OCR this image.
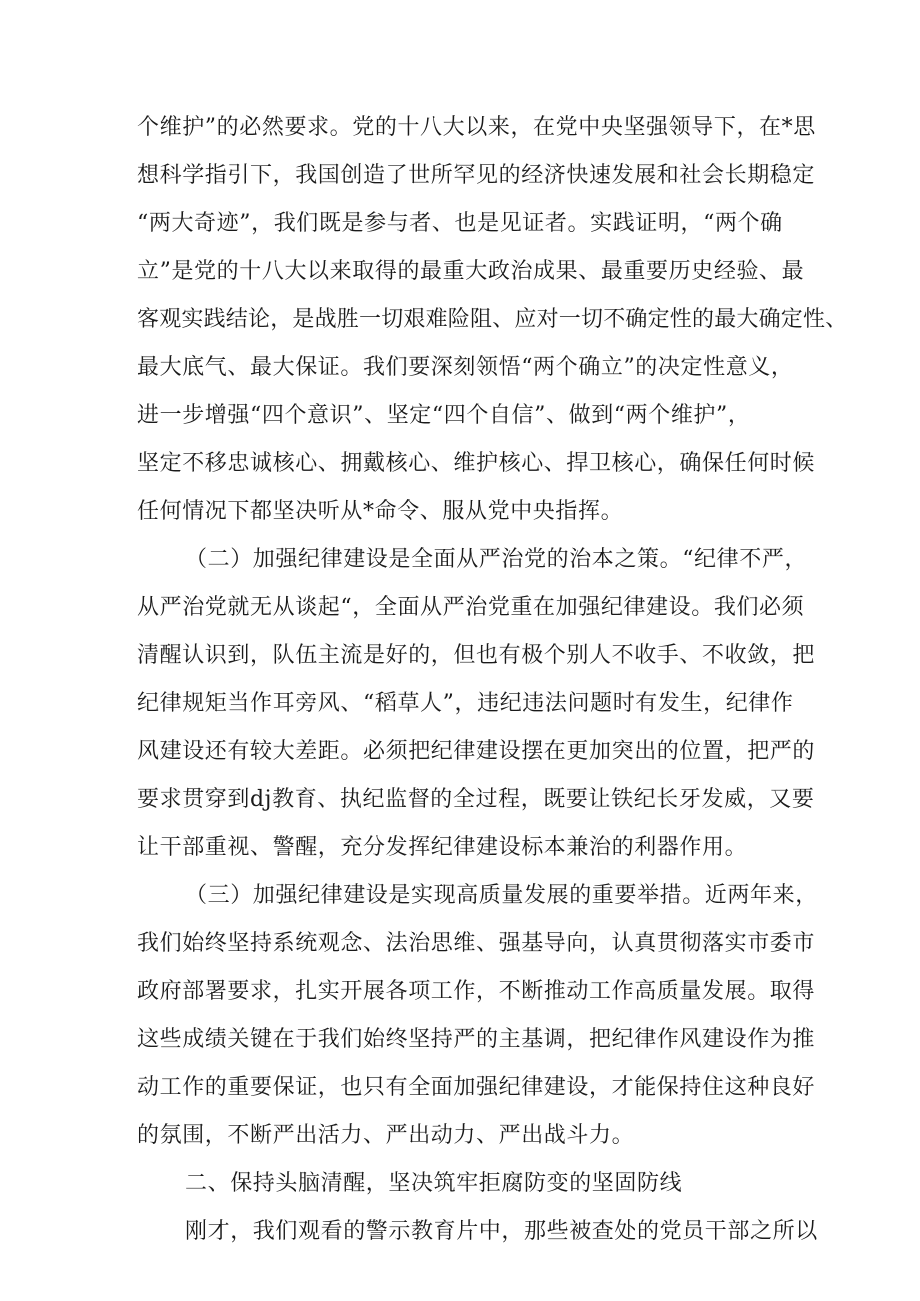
个维护”的必然要求。党的十八大以来，在党中央坚强领导下，在*思
想科学指引下，我国创造了世所罕见的经济快速发展和社会长期稳定
“两大奇迹”，我们既是参与者、也是见证者。实践证明，“两个确
立”是党的十八大以来取得的最重大政治成果、最重要历史经验、最
客观实践结论，是战胜一切艰难险阻、应对一切不确定性的最大确定性、
最大底气、最大保证。我们要深刻领悟“两个确立”的决定性意义，
进一步增强“四个意识”、坚定“四个自信”、做到“两个维护”，
坚定不移忠诚核心、拥戴核心、维护核心、捍卫核心，确保任何时候
任何情况下都坚决听从*命令、服从党中央指挥。
（二）加强纪律建设是全面从严治党的治本之策。“纪律不严，
从严治党就无从谈起“，全面从严治党重在加强纪律建设。我们必须
清醒认识到，队伍主流是好的，但也有极个别人不收手、不收敛，把
纪律规矩当作耳旁风、“稻草人”，违纪违法问题时有发生，纪律作
风建设还有较大差距。必须把纪律建设摆在更加突出的位置，把严的
要求贯穿到dj教育、执纪监督的全过程，既要让铁纪长牙发威，又要
让干部重视、警醒，充分发挥纪律建设标本兼治的利器作用。
（三）加强纪律建设是实现高质量发展的重要举措。近两年来，
我们始终坚持系统观念、法治思维、强基导向，认真贯彻落实市委市
政府部署要求，扎实开展各项工作，不断推动工作高质量发展。取得
这些成绩关键在于我们始终坚持严的主基调，把纪律作风建设作为推
动工作的重要保证，也只有全面加强纪律建设，才能保持住这种良好
的氛围，不断严出活力、严出动力、严出战斗力。
二、保持头脑清醒，坚决筑牢拒腐防变的坚固防线
刚才，我们观看的警示教育片中，那些被查处的党员干部之所以
